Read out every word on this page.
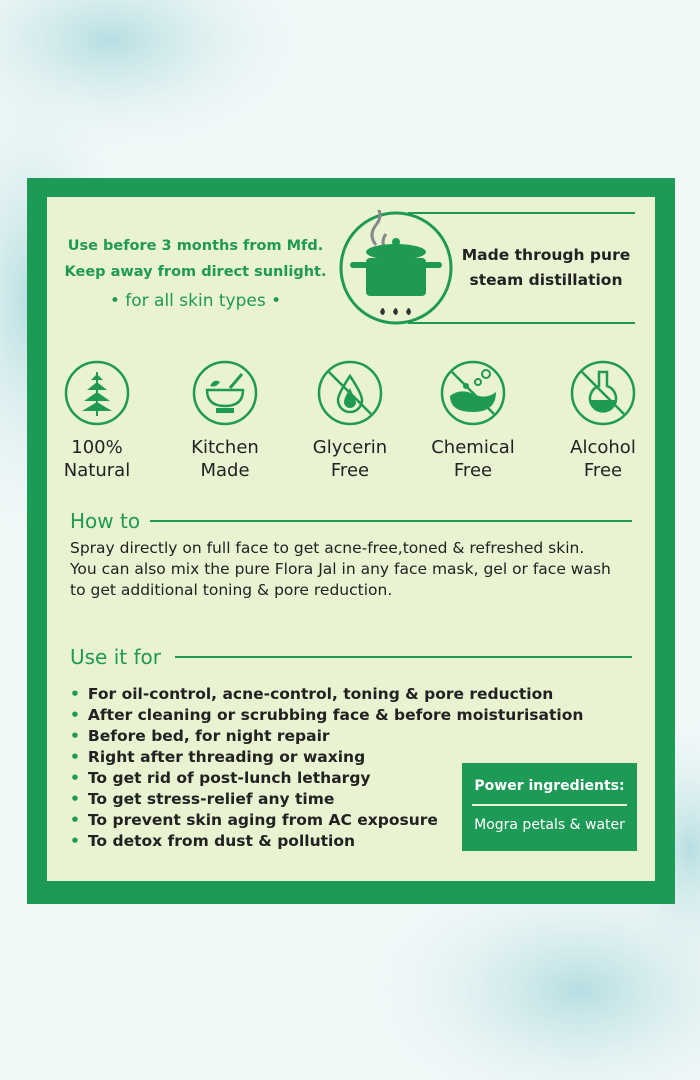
Use before 3 months from Mfd.
Keep away from direct sunlight.
• for all skin types •
Made through pure
steam distillation
100%
Natural
Kitchen
Made
Glycerin
Free
Chemical
Free
Alcohol
Free
How to
Spray directly on full face to get acne-free,toned & refreshed skin.
You can also mix the pure Flora Jal in any face mask, gel or face wash
to get additional toning & pore reduction.
Use it for
• For oil-control, acne-control, toning & pore reduction
• After cleaning or scrubbing face & before moisturisation
• Before bed, for night repair
• Right after threading or waxing
• To get rid of post-lunch lethargy
• To get stress-relief any time
• To prevent skin aging from AC exposure
• To detox from dust & pollution
Power ingredients:
Mogra petals & water
